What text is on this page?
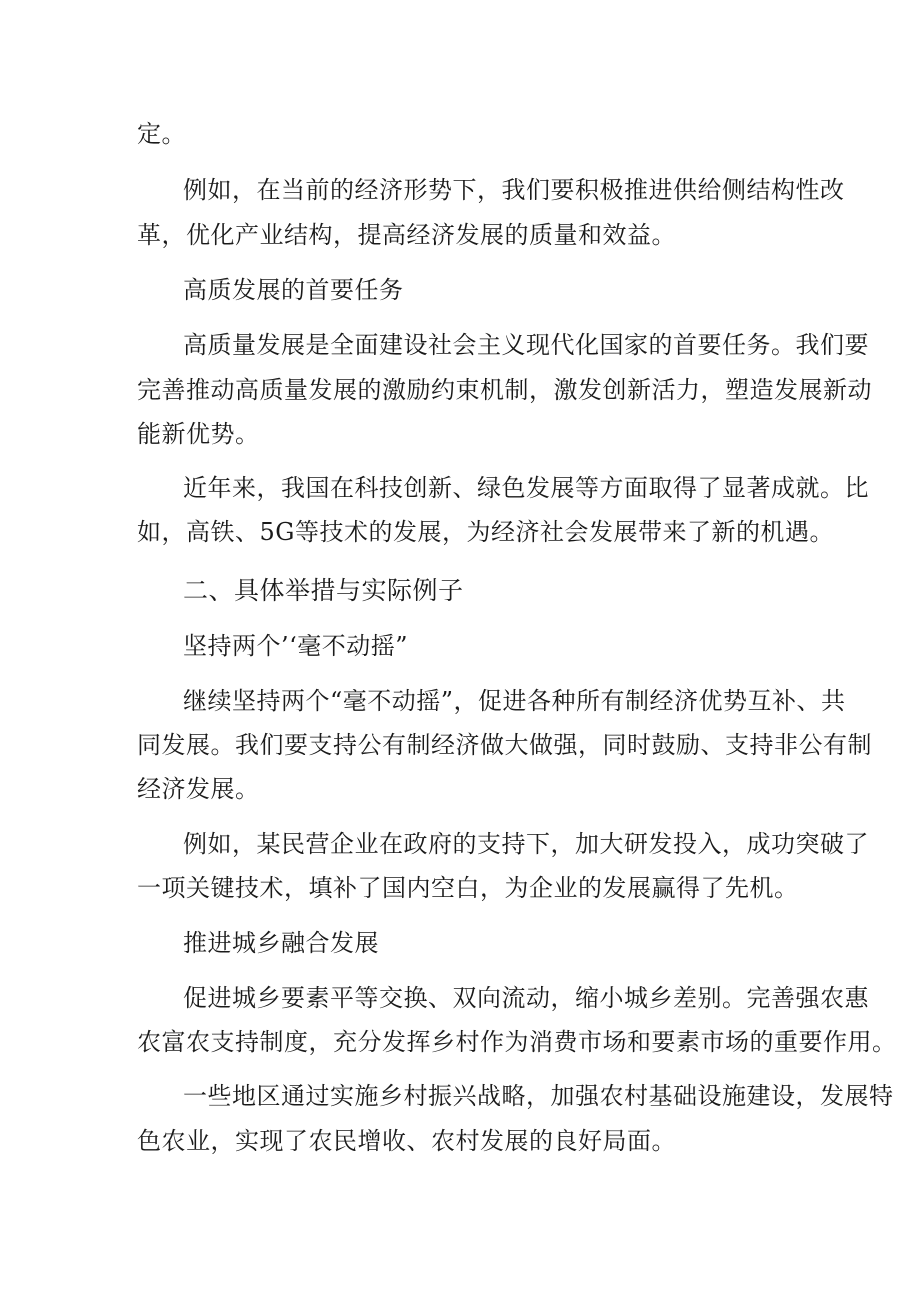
定。
例如，在当前的经济形势下，我们要积极推进供给侧结构性改
革，优化产业结构，提高经济发展的质量和效益。
高质发展的首要任务
高质量发展是全面建设社会主义现代化国家的首要任务。我们要
完善推动高质量发展的激励约束机制，激发创新活力，塑造发展新动
能新优势。
近年来，我国在科技创新、绿色发展等方面取得了显著成就。比
如，高铁、5G等技术的发展，为经济社会发展带来了新的机遇。
二、具体举措与实际例子
坚持两个’‘毫不动摇”
继续坚持两个“毫不动摇”，促进各种所有制经济优势互补、共
同发展。我们要支持公有制经济做大做强，同时鼓励、支持非公有制
经济发展。
例如，某民营企业在政府的支持下，加大研发投入，成功突破了
一项关键技术，填补了国内空白，为企业的发展赢得了先机。
推进城乡融合发展
促进城乡要素平等交换、双向流动，缩小城乡差别。完善强农惠
农富农支持制度，充分发挥乡村作为消费市场和要素市场的重要作用。
一些地区通过实施乡村振兴战略，加强农村基础设施建设，发展特
色农业，实现了农民增收、农村发展的良好局面。
